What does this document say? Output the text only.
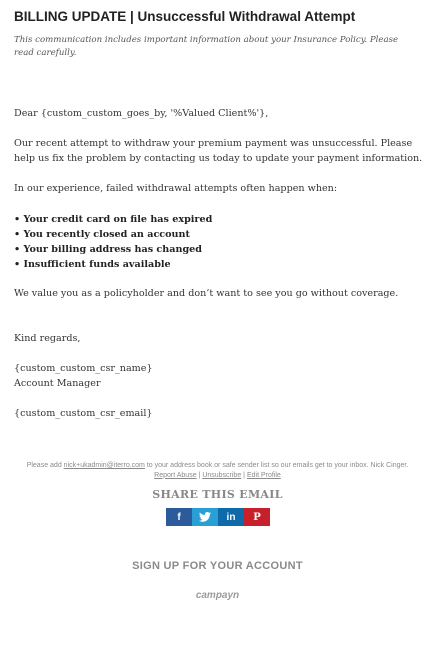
BILLING UPDATE | Unsuccessful Withdrawal Attempt
This communication includes important information about your Insurance Policy. Please read carefully.
Dear {custom_custom_goes_by, '%Valued Client%'},
Our recent attempt to withdraw your premium payment was unsuccessful. Please help us fix the problem by contacting us today to update your payment information.
In our experience, failed withdrawal attempts often happen when:
• Your credit card on file has expired
• You recently closed an account
• Your billing address has changed
• Insufficient funds available
We value you as a policyholder and don’t want to see you go without coverage.
Kind regards,
{custom_custom_csr_name}
Account Manager
{custom_custom_csr_email}
Please add nick+ukadmin@iterro.com to your address book or safe sender list so our emails get to your inbox. Nick Cinger.
Report Abuse | Unsubscribe | Edit Profile
SHARE THIS EMAIL
f	in P
SIGN UP FOR YOUR ACCOUNT
campayn
